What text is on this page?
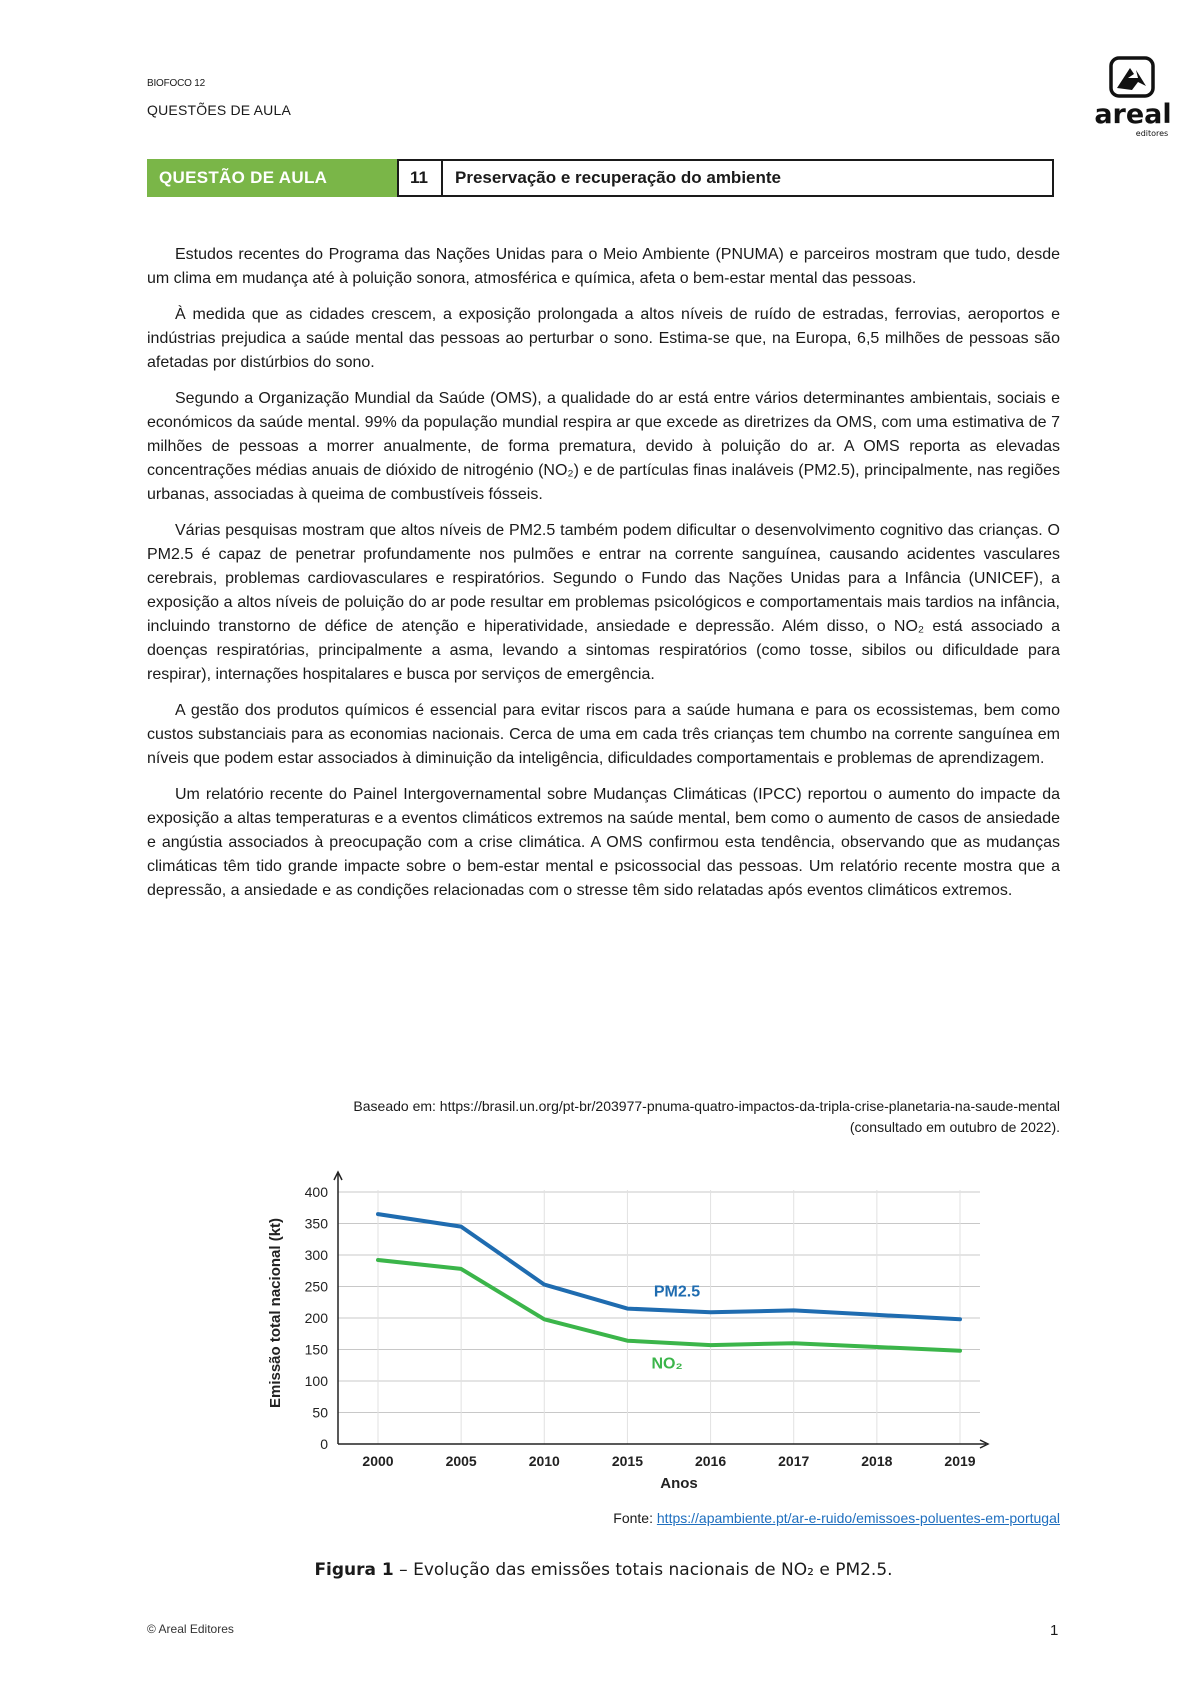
BIOFOCO 12
QUESTÕES DE AULA	areal
editores
QUESTÃO DE AULA	11	Preservação e recuperação do ambiente

Estudos recentes do Programa das Nações Unidas para o Meio Ambiente (PNUMA) e parceiros mostram que tudo, desde um clima em mudança até à poluição sonora, atmosférica e química, afeta o bem-estar mental das pessoas.

À medida que as cidades crescem, a exposição prolongada a altos níveis de ruído de estradas, ferrovias, aeroportos e indústrias prejudica a saúde mental das pessoas ao perturbar o sono. Estima-se que, na Europa, 6,5 milhões de pessoas são afetadas por distúrbios do sono.

Segundo a Organização Mundial da Saúde (OMS), a qualidade do ar está entre vários determinantes ambientais, sociais e económicos da saúde mental. 99% da população mundial respira ar que excede as diretrizes da OMS, com uma estimativa de 7 milhões de pessoas a morrer anualmente, de forma prematura, devido à poluição do ar. A OMS reporta as elevadas concentrações médias anuais de dióxido de nitrogénio (NO₂) e de partículas finas inaláveis (PM2.5), principalmente, nas regiões urbanas, associadas à queima de combustíveis fósseis.

Várias pesquisas mostram que altos níveis de PM2.5 também podem dificultar o desenvolvimento cognitivo das crianças. O PM2.5 é capaz de penetrar profundamente nos pulmões e entrar na corrente sanguínea, causando acidentes vasculares cerebrais, problemas cardiovasculares e respiratórios. Segundo o Fundo das Nações Unidas para a Infância (UNICEF), a exposição a altos níveis de poluição do ar pode resultar em problemas psicológicos e comportamentais mais tardios na infância, incluindo transtorno de défice de atenção e hiperatividade, ansiedade e depressão. Além disso, o NO₂ está associado a doenças respiratórias, principalmente a asma, levando a sintomas respiratórios (como tosse, sibilos ou dificuldade para respirar), internações hospitalares e busca por serviços de emergência.

A gestão dos produtos químicos é essencial para evitar riscos para a saúde humana e para os ecossistemas, bem como custos substanciais para as economias nacionais. Cerca de uma em cada três crianças tem chumbo na corrente sanguínea em níveis que podem estar associados à diminuição da inteligência, dificuldades comportamentais e problemas de aprendizagem.

Um relatório recente do Painel Intergovernamental sobre Mudanças Climáticas (IPCC) reportou o aumento do impacte da exposição a altas temperaturas e a eventos climáticos extremos na saúde mental, bem como o aumento de casos de ansiedade e angústia associados à preocupação com a crise climática. A OMS confirmou esta tendência, observando que as mudanças climáticas têm tido grande impacte sobre o bem-estar mental e psicossocial das pessoas. Um relatório recente mostra que a depressão, a ansiedade e as condições relacionadas com o stresse têm sido relatadas após eventos climáticos extremos.

Baseado em: https://brasil.un.org/pt-br/203977-pnuma-quatro-impactos-da-tripla-crise-planetaria-na-saude-mental
(consultado em outubro de 2022).
0
50
100
150
200
250
300
350
400
2000	2005	2010	2015	2016	2017	2018	2019
PM2.5
NO₂
Anos
Emissão total nacional (kt)
Fonte: https://apambiente.pt/ar-e-ruido/emissoes-poluentes-em-portugal
Figura 1 – Evolução das emissões totais nacionais de NO₂ e PM2.5.
© Areal Editores	1
